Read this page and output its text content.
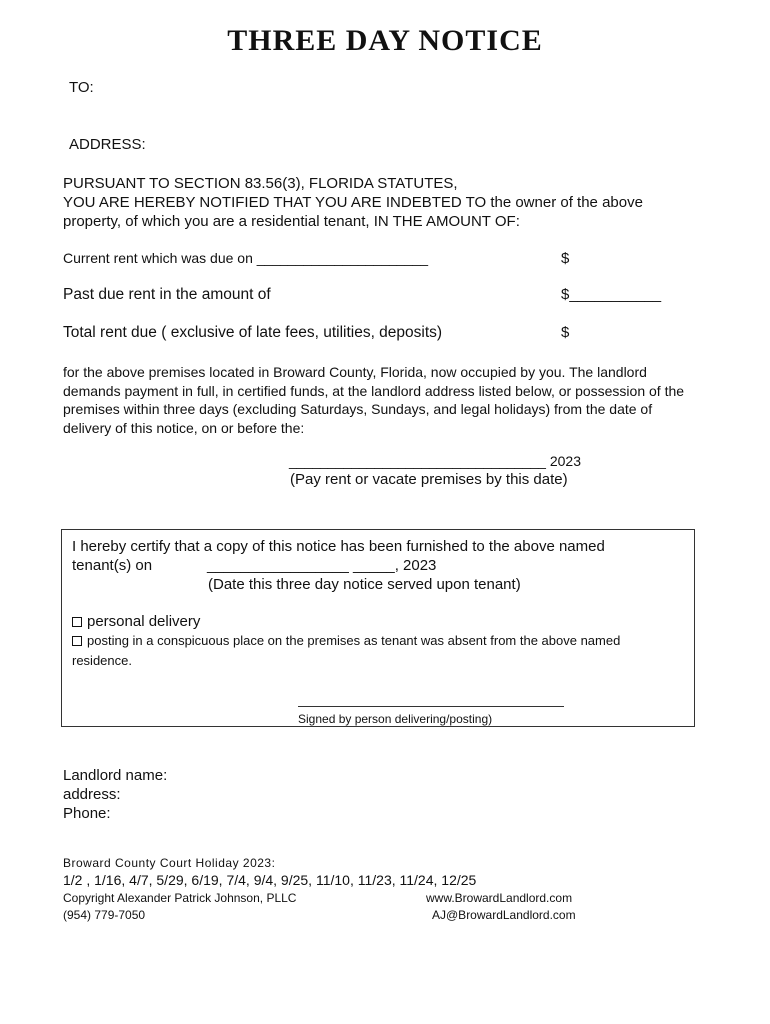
THREE DAY NOTICE
TO:
ADDRESS:
PURSUANT TO SECTION 83.56(3), FLORIDA STATUTES,
YOU ARE HEREBY NOTIFIED THAT YOU ARE INDEBTED TO the owner of the above
property, of which you are a residential tenant, IN THE AMOUNT OF:
Current rent which was due on ______________________	$
Past due rent in the amount of	$___________
Total rent due ( exclusive of late fees, utilities, deposits)	$
for the above premises located in Broward County, Florida, now occupied by you. The landlord demands payment in full, in certified funds, at the landlord address listed below, or possession of the premises within three days (excluding Saturdays, Sundays, and legal holidays) from the date of delivery of this notice, on or before the:
_________________________________ 2023
(Pay rent or vacate premises by this date)
I hereby certify that a copy of this notice has been furnished to the above named
tenant(s) on	_________________ _____, 2023
(Date this three day notice served upon tenant)
personal delivery
posting in a conspicuous place on the premises as tenant was absent from the above named
residence.
Signed by person delivering/posting)
Landlord name:
address:
Phone:
Broward County Court Holiday 2023:
1/2 , 1/16, 4/7, 5/29, 6/19, 7/4, 9/4, 9/25, 11/10, 11/23, 11/24, 12/25
Copyright Alexander Patrick Johnson, PLLC
(954) 779-7050
www.BrowardLandlord.com
AJ@BrowardLandlord.com
